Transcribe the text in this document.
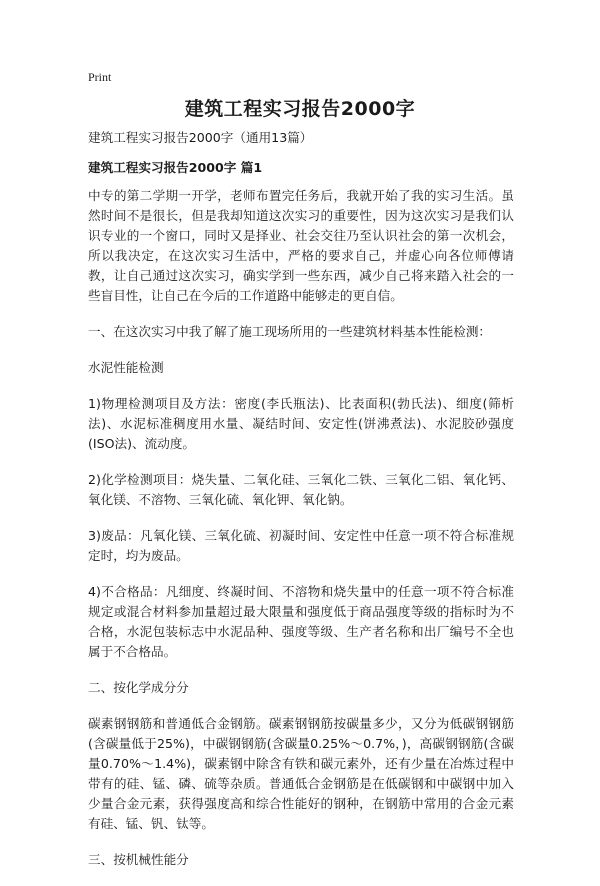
Print
建筑工程实习报告2000字

建筑工程实习报告2000字（通用13篇）

建筑工程实习报告2000字 篇1

中专的第二学期一开学，老师布置完任务后，我就开始了我的实习生活。虽然时间不是很长，但是我却知道这次实习的重要性，因为这次实习是我们认识专业的一个窗口，同时又是择业、社会交往乃至认识社会的第一次机会，所以我决定，在这次实习生活中，严格的要求自己，并虚心向各位师傅请教，让自己通过这次实习，确实学到一些东西，减少自己将来踏入社会的一些盲目性，让自己在今后的工作道路中能够走的更自信。

一、在这次实习中我了解了施工现场所用的一些建筑材料基本性能检测：

水泥性能检测

1)物理检测项目及方法：密度(李氏瓶法)、比表面积(勃氏法)、细度(筛析法)、水泥标准稠度用水量、凝结时间、安定性(饼沸煮法)、水泥胶砂强度(ISO法)、流动度。

2)化学检测项目：烧失量、二氧化硅、三氧化二铁、三氧化二铝、氧化钙、氧化镁、不溶物、三氧化硫、氧化钾、氧化钠。

3)废品：凡氧化镁、三氧化硫、初凝时间、安定性中任意一项不符合标准规定时，均为废品。

4)不合格品：凡细度、终凝时间、不溶物和烧失量中的任意一项不符合标准规定或混合材料参加量超过最大限量和强度低于商品强度等级的指标时为不合格，水泥包装标志中水泥品种、强度等级、生产者名称和出厂编号不全也属于不合格品。

二、按化学成分分

碳素钢钢筋和普通低合金钢筋。碳素钢钢筋按碳量多少，又分为低碳钢钢筋(含碳量低于25%)，中碳钢钢筋(含碳量0.25%～0.7%，)，高碳钢钢筋(含碳量0.70%～1.4%)，碳素钢中除含有铁和碳元素外，还有少量在冶炼过程中带有的硅、锰、磷、硫等杂质。普通低合金钢筋是在低碳钢和中碳钢中加入少量合金元素，获得强度高和综合性能好的钢种，在钢筋中常用的合金元素有硅、锰、钒、钛等。

三、按机械性能分
